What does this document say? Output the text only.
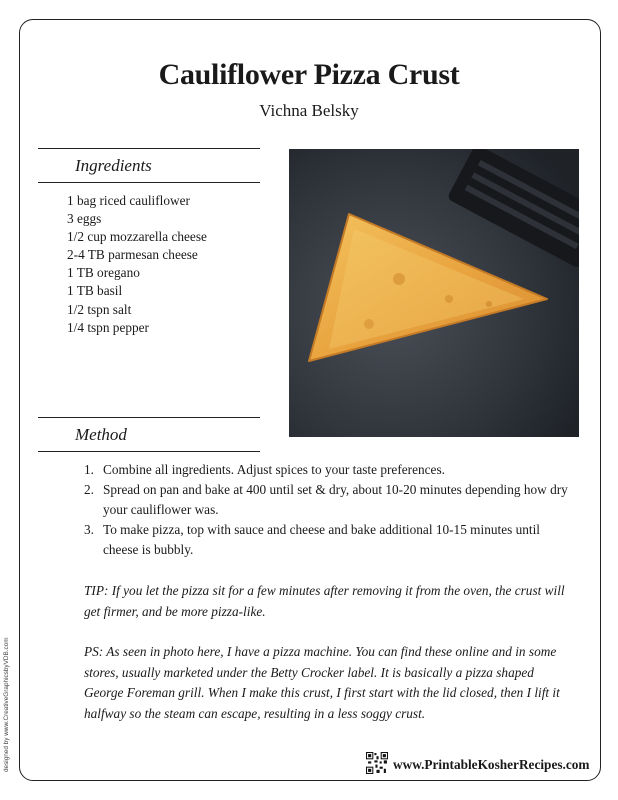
Cauliflower Pizza Crust
Vichna Belsky
Ingredients
1 bag riced cauliflower
3 eggs
1/2 cup mozzarella cheese
2-4 TB parmesan cheese
1 TB oregano
1 TB basil
1/2 tspn salt
1/4 tspn pepper
Method
1. Combine all ingredients. Adjust spices to your taste preferences.
2. Spread on pan and bake at 400 until set & dry, about 10-20 minutes depending how dry your cauliflower was.
3. To make pizza, top with sauce and cheese and bake additional 10-15 minutes until cheese is bubbly.

TIP: If you let the pizza sit for a few minutes after removing it from the oven, the crust will get firmer, and be more pizza-like.

PS: As seen in photo here, I have a pizza machine. You can find these online and in some stores, usually marketed under the Betty Crocker label. It is basically a pizza shaped George Foreman grill. When I make this crust, I first start with the lid closed, then I lift it halfway so the steam can escape, resulting in a less soggy crust.

designed by www.CreativeGraphicsbyVDB.com	www.PrintableKosherRecipes.com
